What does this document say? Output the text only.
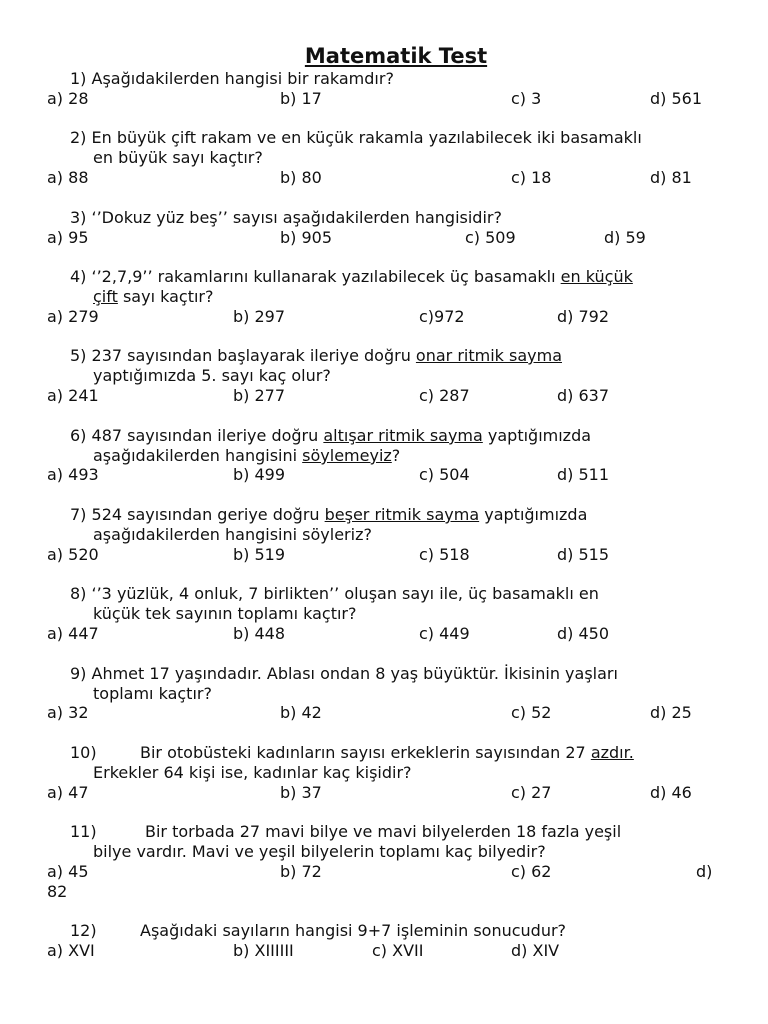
Matematik Test
1) Aşağıdakilerden hangisi bir rakamdır?
a) 28	b) 17	c) 3	d) 561
2) En büyük çift rakam ve en küçük rakamla yazılabilecek iki basamaklı
en büyük sayı kaçtır?
a) 88	b) 80	c) 18	d) 81
3) ‘’Dokuz yüz beş’’ sayısı aşağıdakilerden hangisidir?
a) 95	b) 905	c) 509	d) 59
4) ‘’2,7,9’’ rakamlarını kullanarak yazılabilecek üç basamaklı en küçük
çift sayı kaçtır?
a) 279	b) 297	c)972	d) 792
5) 237 sayısından başlayarak ileriye doğru onar ritmik sayma
yaptığımızda 5. sayı kaç olur?
a) 241	b) 277	c) 287	d) 637
6) 487 sayısından ileriye doğru altışar ritmik sayma yaptığımızda
aşağıdakilerden hangisini söylemeyiz?
a) 493	b) 499	c) 504	d) 511
7) 524 sayısından geriye doğru beşer ritmik sayma yaptığımızda
aşağıdakilerden hangisini söyleriz?
a) 520	b) 519	c) 518	d) 515
8) ‘’3 yüzlük, 4 onluk, 7 birlikten’’ oluşan sayı ile, üç basamaklı en
küçük tek sayının toplamı kaçtır?
a) 447	b) 448	c) 449	d) 450
9) Ahmet 17 yaşındadır. Ablası ondan 8 yaş büyüktür. İkisinin yaşları
toplamı kaçtır?
a) 32	b) 42	c) 52	d) 25
10)	Bir otobüsteki kadınların sayısı erkeklerin sayısından 27 azdır.
Erkekler 64 kişi ise, kadınlar kaç kişidir?
a) 47	b) 37	c) 27	d) 46
11)	Bir torbada 27 mavi bilye ve mavi bilyelerden 18 fazla yeşil
bilye vardır. Mavi ve yeşil bilyelerin toplamı kaç bilyedir?
a) 45	b) 72	c) 62	d)
82
12)	Aşağıdaki sayıların hangisi 9+7 işleminin sonucudur?
a) XVI	b) XIIIIII	c) XVII	d) XIV
